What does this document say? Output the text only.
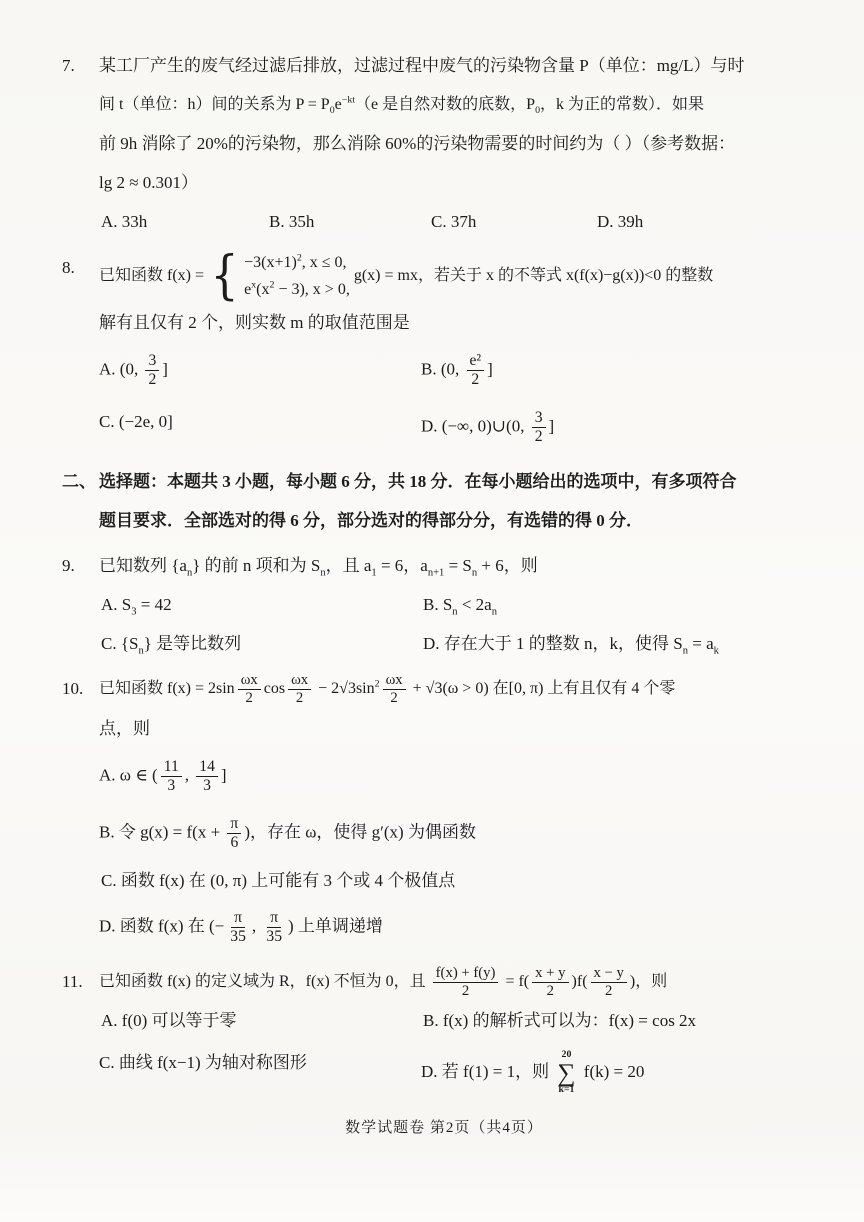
7.	某工厂产生的废气经过滤后排放，过滤过程中废气的污染物含量 P（单位：mg/L）与时
间 t（单位：h）间的关系为 $P = P_0e^{-kt}(e$ 是自然对数的底数，$P_0$，k 为正的常数）．如果
前 9h 消除了 20%的污染物，那么消除 60%的污染物需要的时间约为（ ）（参考数据：
lg 2 ≈ 0.301）
A. 33h	B. 35h	C. 37h	D. 39h
8.	已知函数 f(x) = { $-3(x+1)^2$, x ≤ 0,
$e^x(x^2 - 3)$, x > 0,
g(x) = mx，若关于 x 的不等式 x(f(x)−g(x))<0 的整数
解有且仅有 2 个，则实数 m 的取值范围是
A. (0, $\frac{3}{2}$ ]	B. (0, $\frac{\text{e²}}{2}$ ]
C. (−2e, 0]	D. (−∞, 0)∪(0, $\frac{3}{2}$ ]
二、 选择题：本题共 3 小题，每小题 6 分，共 18 分．在每小题给出的选项中，有多项符合
题目要求．全部选对的得 6 分，部分选对的得部分分，有选错的得 0 分．
9.	已知数列 $\{a_n\}$ 的前 n 项和为 $S_n$，且 $a_1 = 6$，$a_{n+1} = S_n + 6$，则
A. $S_3 = 42$	B. $S_n < 2a_n$
C. $\{S_n\}$ 是等比数列	D. 存在大于 1 的整数 n，k，使得 $S_n = a_k$
10. 已知函数 $f(x) = 2\sin \frac{\omega x}{2}$ $\cos \frac{\omega x}{2} - 2√3\sin^2 \frac{\omega x}{2} + √3(\omega > 0)$ 在[0, π) 上有且仅有 4 个零
点，则
A. ω ∈ ( $\frac{11}{3}$ , $\frac{14}{3}$ ]
B. 令 $g(x) = f(x + \frac{\pi}{6}$ )，存在 ω，使得 g′(x) 为偶函数
C. 函数 f(x) 在 (0, π) 上可能有 3 个或 4 个极值点
D. 函数 f(x) 在 (− $\frac{\pi}{35}$ , $\frac{\pi}{35}$ ) 上单调递增
11.	已知函数 f(x) 的定义域为 R，f(x) 不恒为 0，且 $\frac{f(x) + f(y)}{2} = f( \frac{x + y}{2} )f( \frac{x - y}{2}$ )，则
A. f(0) 可以等于零	B. f(x) 的解析式可以为：f(x) = cos 2x
C. 曲线 f(x−1) 为轴对称图形	D. 若 f(1) = 1，则
20
∑
k=1
f(k) = 20
数学试题卷 第2页（共4页）
